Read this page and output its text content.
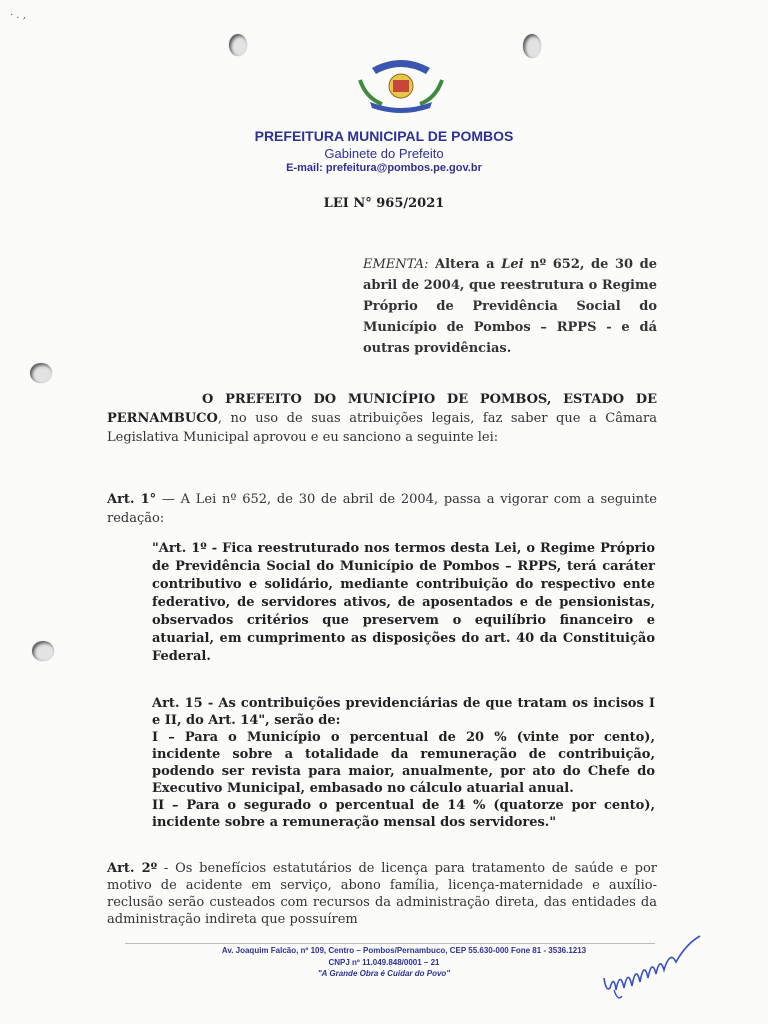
· . ,
PREFEITURA MUNICIPAL DE POMBOS
Gabinete do Prefeito
E-mail: prefeitura@pombos.pe.gov.br
LEI N° 965/2021
EMENTA: Altera a Lei nº 652, de 30 de abril de 2004, que reestrutura o Regime Próprio de Previdência Social do Município de Pombos – RPPS - e dá outras providências.
O PREFEITO DO MUNICÍPIO DE POMBOS, ESTADO DE PERNAMBUCO, no uso de suas atribuições legais, faz saber que a Câmara Legislativa Municipal aprovou e eu sanciono a seguinte lei:
Art. 1° — A Lei nº 652, de 30 de abril de 2004, passa a vigorar com a seguinte redação:
"Art. 1º - Fica reestruturado nos termos desta Lei, o Regime Próprio de Previdência Social do Município de Pombos – RPPS, terá caráter contributivo e solidário, mediante contribuição do respectivo ente federativo, de servidores ativos, de aposentados e de pensionistas, observados critérios que preservem o equilíbrio financeiro e atuarial, em cumprimento as disposições do art. 40 da Constituição Federal.
Art. 15 - As contribuições previdenciárias de que tratam os incisos I e II, do Art. 14", serão de:
I – Para o Município o percentual de 20 % (vinte por cento), incidente sobre a totalidade da remuneração de contribuição, podendo ser revista para maior, anualmente, por ato do Chefe do Executivo Municipal, embasado no cálculo atuarial anual.
II – Para o segurado o percentual de 14 % (quatorze por cento), incidente sobre a remuneração mensal dos servidores."
Art. 2º - Os benefícios estatutários de licença para tratamento de saúde e por motivo de acidente em serviço, abono família, licença-maternidade e auxílio-reclusão serão custeados com recursos da administração direta, das entidades da administração indireta que possuírem
Av. Joaquim Falcão, nº 109, Centro – Pombos/Pernambuco, CEP 55.630-000 Fone 81 - 3536.1213
CNPJ nº 11.049.848/0001 – 21
"A Grande Obra é Cuidar do Povo"
